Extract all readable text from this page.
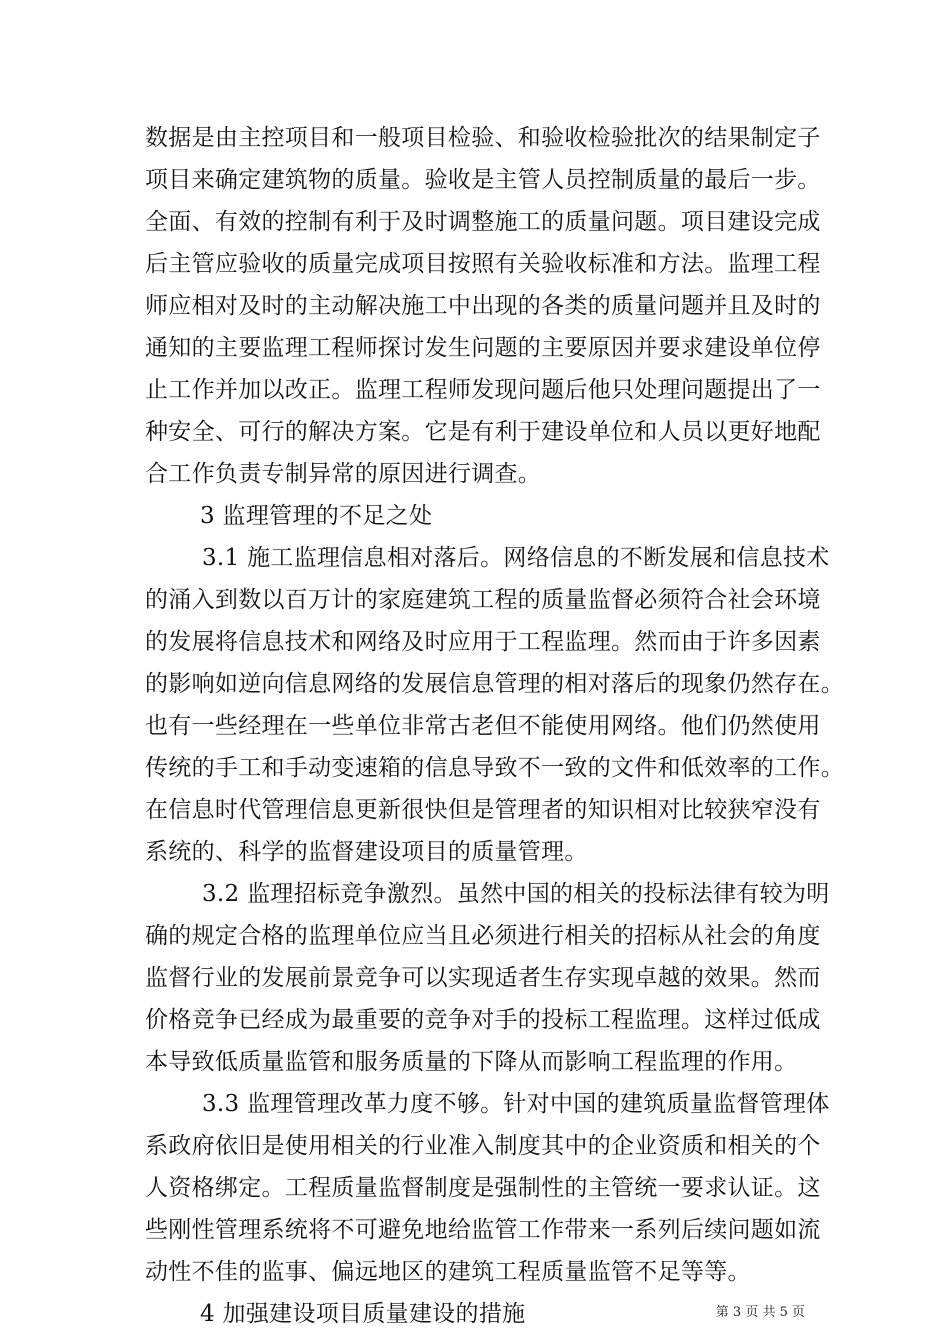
数据是由主控项目和一般项目检验、和验收检验批次的结果制定子
项目来确定建筑物的质量。验收是主管人员控制质量的最后一步。
全面、有效的控制有利于及时调整施工的质量问题。项目建设完成
后主管应验收的质量完成项目按照有关验收标准和方法。监理工程
师应相对及时的主动解决施工中出现的各类的质量问题并且及时的
通知的主要监理工程师探讨发生问题的主要原因并要求建设单位停
止工作并加以改正。监理工程师发现问题后他只处理问题提出了一
种安全、可行的解决方案。它是有利于建设单位和人员以更好地配
合工作负责专制异常的原因进行调查。
3 监理管理的不足之处
3.1 施工监理信息相对落后。网络信息的不断发展和信息技术
的涌入到数以百万计的家庭建筑工程的质量监督必须符合社会环境
的发展将信息技术和网络及时应用于工程监理。然而由于许多因素
的影响如逆向信息网络的发展信息管理的相对落后的现象仍然存在。
也有一些经理在一些单位非常古老但不能使用网络。他们仍然使用
传统的手工和手动变速箱的信息导致不一致的文件和低效率的工作。
在信息时代管理信息更新很快但是管理者的知识相对比较狭窄没有
系统的、科学的监督建设项目的质量管理。
3.2 监理招标竞争激烈。虽然中国的相关的投标法律有较为明
确的规定合格的监理单位应当且必须进行相关的招标从社会的角度
监督行业的发展前景竞争可以实现适者生存实现卓越的效果。然而
价格竞争已经成为最重要的竞争对手的投标工程监理。这样过低成
本导致低质量监管和服务质量的下降从而影响工程监理的作用。
3.3 监理管理改革力度不够。针对中国的建筑质量监督管理体
系政府依旧是使用相关的行业准入制度其中的企业资质和相关的个
人资格绑定。工程质量监督制度是强制性的主管统一要求认证。这
些刚性管理系统将不可避免地给监管工作带来一系列后续问题如流
动性不佳的监事、偏远地区的建筑工程质量监管不足等等。
4 加强建设项目质量建设的措施	第 3 页 共 5 页
